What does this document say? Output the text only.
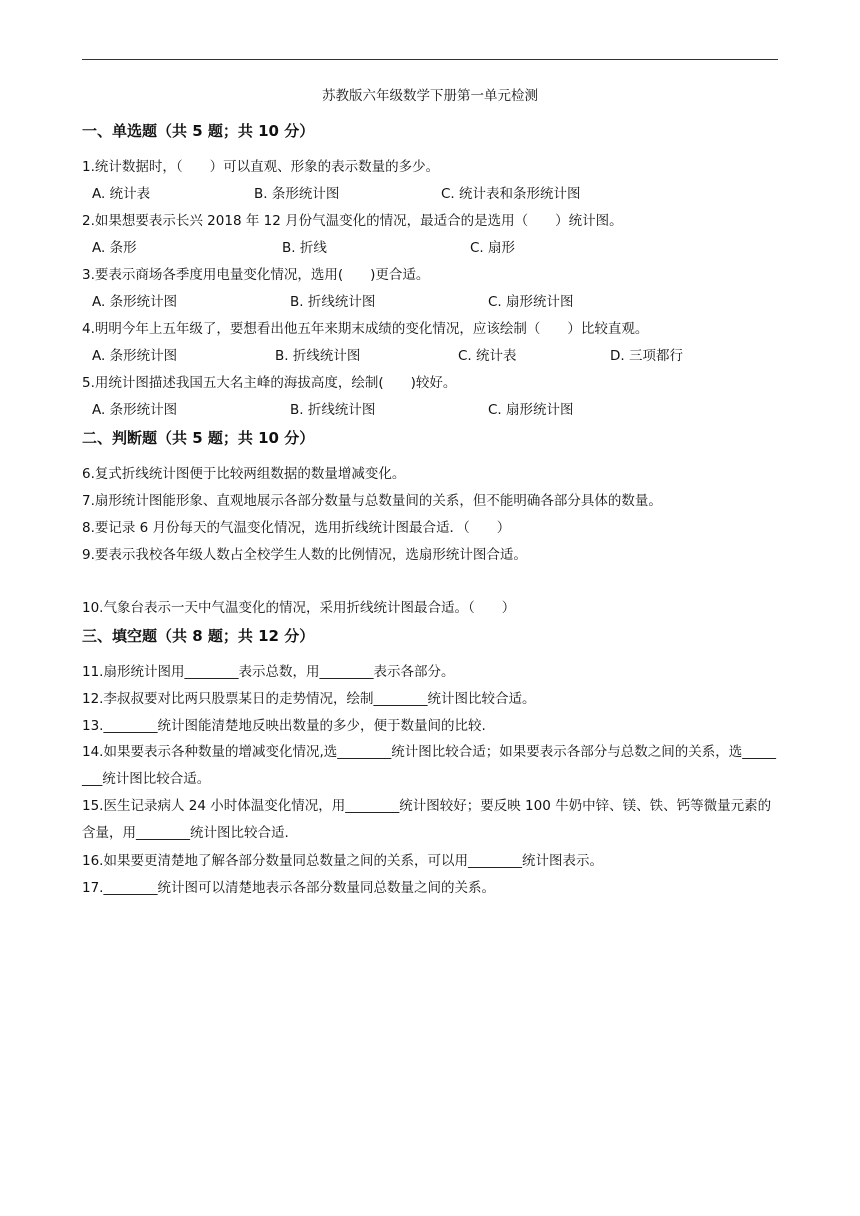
苏教版六年级数学下册第一单元检测
一、单选题（共 5 题；共 10 分）
1.统计数据时，（　　）可以直观、形象的表示数量的多少。
A. 统计表	B. 条形统计图	C. 统计表和条形统计图
2.如果想要表示长兴 2018 年 12 月份气温变化的情况，最适合的是选用（　　）统计图。
A. 条形	B. 折线	C. 扇形
3.要表示商场各季度用电量变化情况，选用(　　)更合适。
A. 条形统计图	B. 折线统计图	C. 扇形统计图
4.明明今年上五年级了，要想看出他五年来期末成绩的变化情况，应该绘制（　　）比较直观。
A. 条形统计图	B. 折线统计图	C. 统计表	D. 三项都行
5.用统计图描述我国五大名主峰的海拔高度，绘制(　　)较好。
A. 条形统计图	B. 折线统计图	C. 扇形统计图
二、判断题（共 5 题；共 10 分）
6.复式折线统计图便于比较两组数据的数量增减变化。
7.扇形统计图能形象、直观地展示各部分数量与总数量间的关系，但不能明确各部分具体的数量。
8.要记录 6 月份每天的气温变化情况，选用折线统计图最合适．（　　）
9.要表示我校各年级人数占全校学生人数的比例情况，选扇形统计图合适。
10.气象台表示一天中气温变化的情况，采用折线统计图最合适。（　　）
三、填空题（共 8 题；共 12 分）
11.扇形统计图用________表示总数，用________表示各部分。
12.李叔叔要对比两只股票某日的走势情况，绘制________统计图比较合适。
13.________统计图能清楚地反映出数量的多少，便于数量间的比较.
14.如果要表示各种数量的增减变化情况,选________统计图比较合适；如果要表示各部分与总数之间的关系，选________统计图比较合适。
15.医生记录病人 24 小时体温变化情况，用________统计图较好；要反映 100 牛奶中锌、镁、铁、钙等微量元素的含量，用________统计图比较合适.
16.如果要更清楚地了解各部分数量同总数量之间的关系，可以用________统计图表示。
17.________统计图可以清楚地表示各部分数量同总数量之间的关系。
